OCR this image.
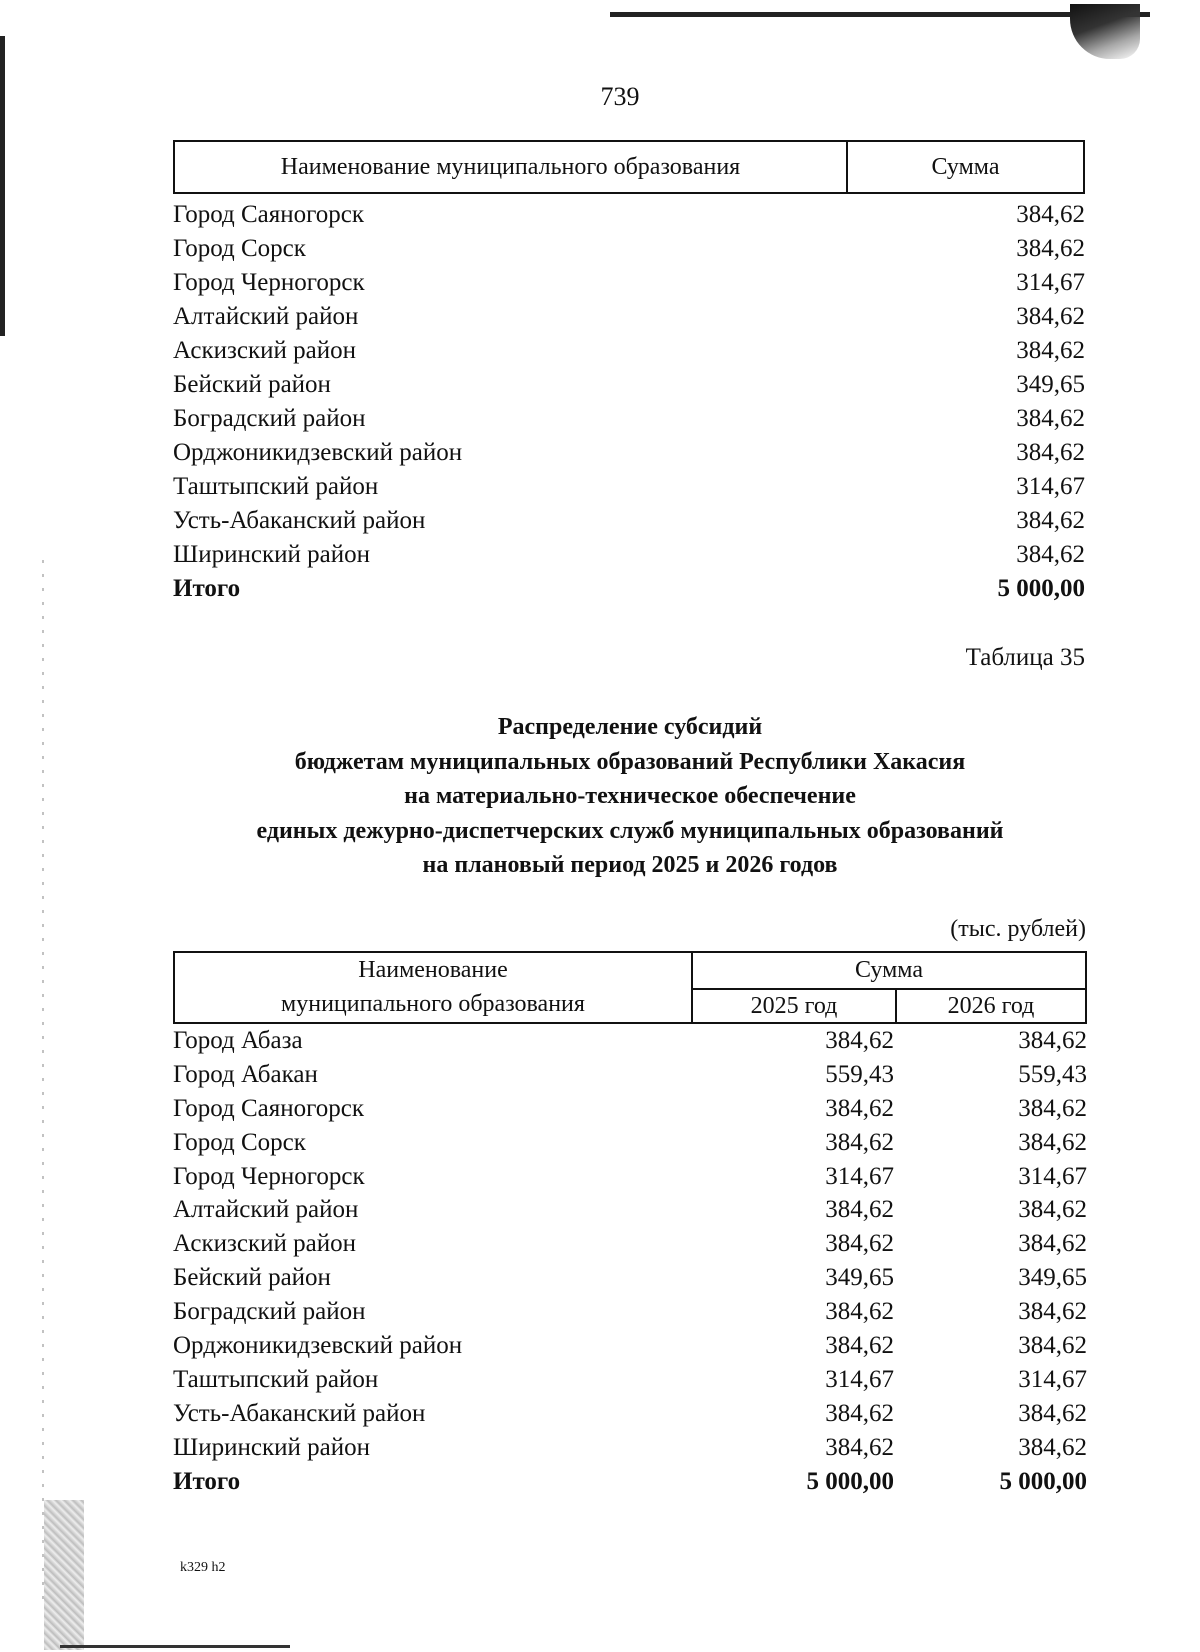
739
Наименование муниципального образования	Сумма
Город Саяногорск	384,62
Город Сорск	384,62
Город Черногорск	314,67
Алтайский район	384,62
Аскизский район	384,62
Бейский район	349,65
Боградский район	384,62
Орджоникидзевский район	384,62
Таштыпский район	314,67
Усть-Абаканский район	384,62
Ширинский район	384,62
Итого	5 000,00
Таблица 35
Распределение субсидий
бюджетам муниципальных образований Республики Хакасия
на материально-техническое обеспечение
единых дежурно-диспетчерских служб муниципальных образований
на плановый период 2025 и 2026 годов
(тыс. рублей)
Наименование
муниципального образования
Сумма
2025 год	2026 год
Город Абаза	384,62	384,62
Город Абакан	559,43	559,43
Город Саяногорск	384,62	384,62
Город Сорск	384,62	384,62
Город Черногорск	314,67	314,67
Алтайский район	384,62	384,62
Аскизский район	384,62	384,62
Бейский район	349,65	349,65
Боградский район	384,62	384,62
Орджоникидзевский район	384,62	384,62
Таштыпский район	314,67	314,67
Усть-Абаканский район	384,62	384,62
Ширинский район	384,62	384,62
Итого	5 000,00	5 000,00
k329 h2
